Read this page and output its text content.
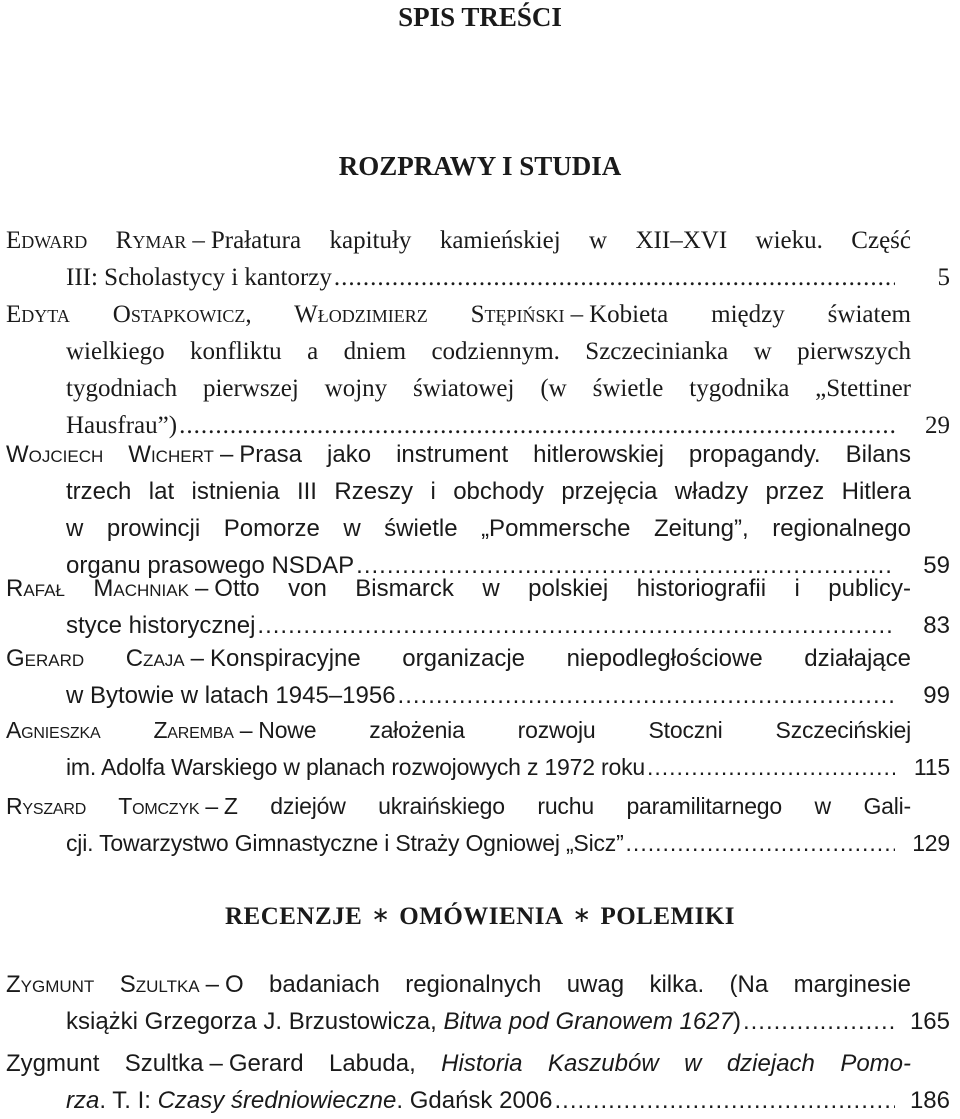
SPIS TREŚCI
ROZPRAWY I STUDIA
Edward Rymar – Prałatura kapituły kamieńskiej w XII–XVI wieku. Część
III: Scholastycy i kantorzy .....	5
Edyta Ostapkowicz, Włodzimierz Stępiński – Kobieta między światem
wielkiego konfliktu a dniem codziennym. Szczecinianka w pierwszych
tygodniach pierwszej wojny światowej (w świetle tygodnika „Stettiner
Hausfrau”) .....	29
Wojciech Wichert – Prasa jako instrument hitlerowskiej propagandy. Bilans
trzech lat istnienia III Rzeszy i obchody przejęcia władzy przez Hitlera
w prowincji Pomorze w świetle „Pommersche Zeitung”, regionalnego
organu prasowego NSDAP .....	59
Rafał Machniak – Otto von Bismarck w polskiej historiografii i publicy-
styce historycznej .....	83
Gerard Czaja – Konspiracyjne organizacje niepodległościowe działające
w Bytowie w latach 1945–1956 .....	99
Agnieszka Zaremba – Nowe założenia rozwoju Stoczni Szczecińskiej
im. Adolfa Warskiego w planach rozwojowych z 1972 roku .....	115
Ryszard Tomczyk – Z dziejów ukraińskiego ruchu paramilitarnego w Gali-
cji. Towarzystwo Gimnastyczne i Straży Ogniowej „Sicz” .....	129
RECENZJE ∗ OMÓWIENIA ∗ POLEMIKI
Zygmunt Szultka – O badaniach regionalnych uwag kilka. (Na marginesie
książki Grzegorza J. Brzustowicza, Bitwa pod Granowem 1627) .....	165
Zygmunt Szultka – Gerard Labuda, Historia Kaszubów w dziejach Pomo-
rza. T. I: Czasy średniowieczne. Gdańsk 2006 .....	186
